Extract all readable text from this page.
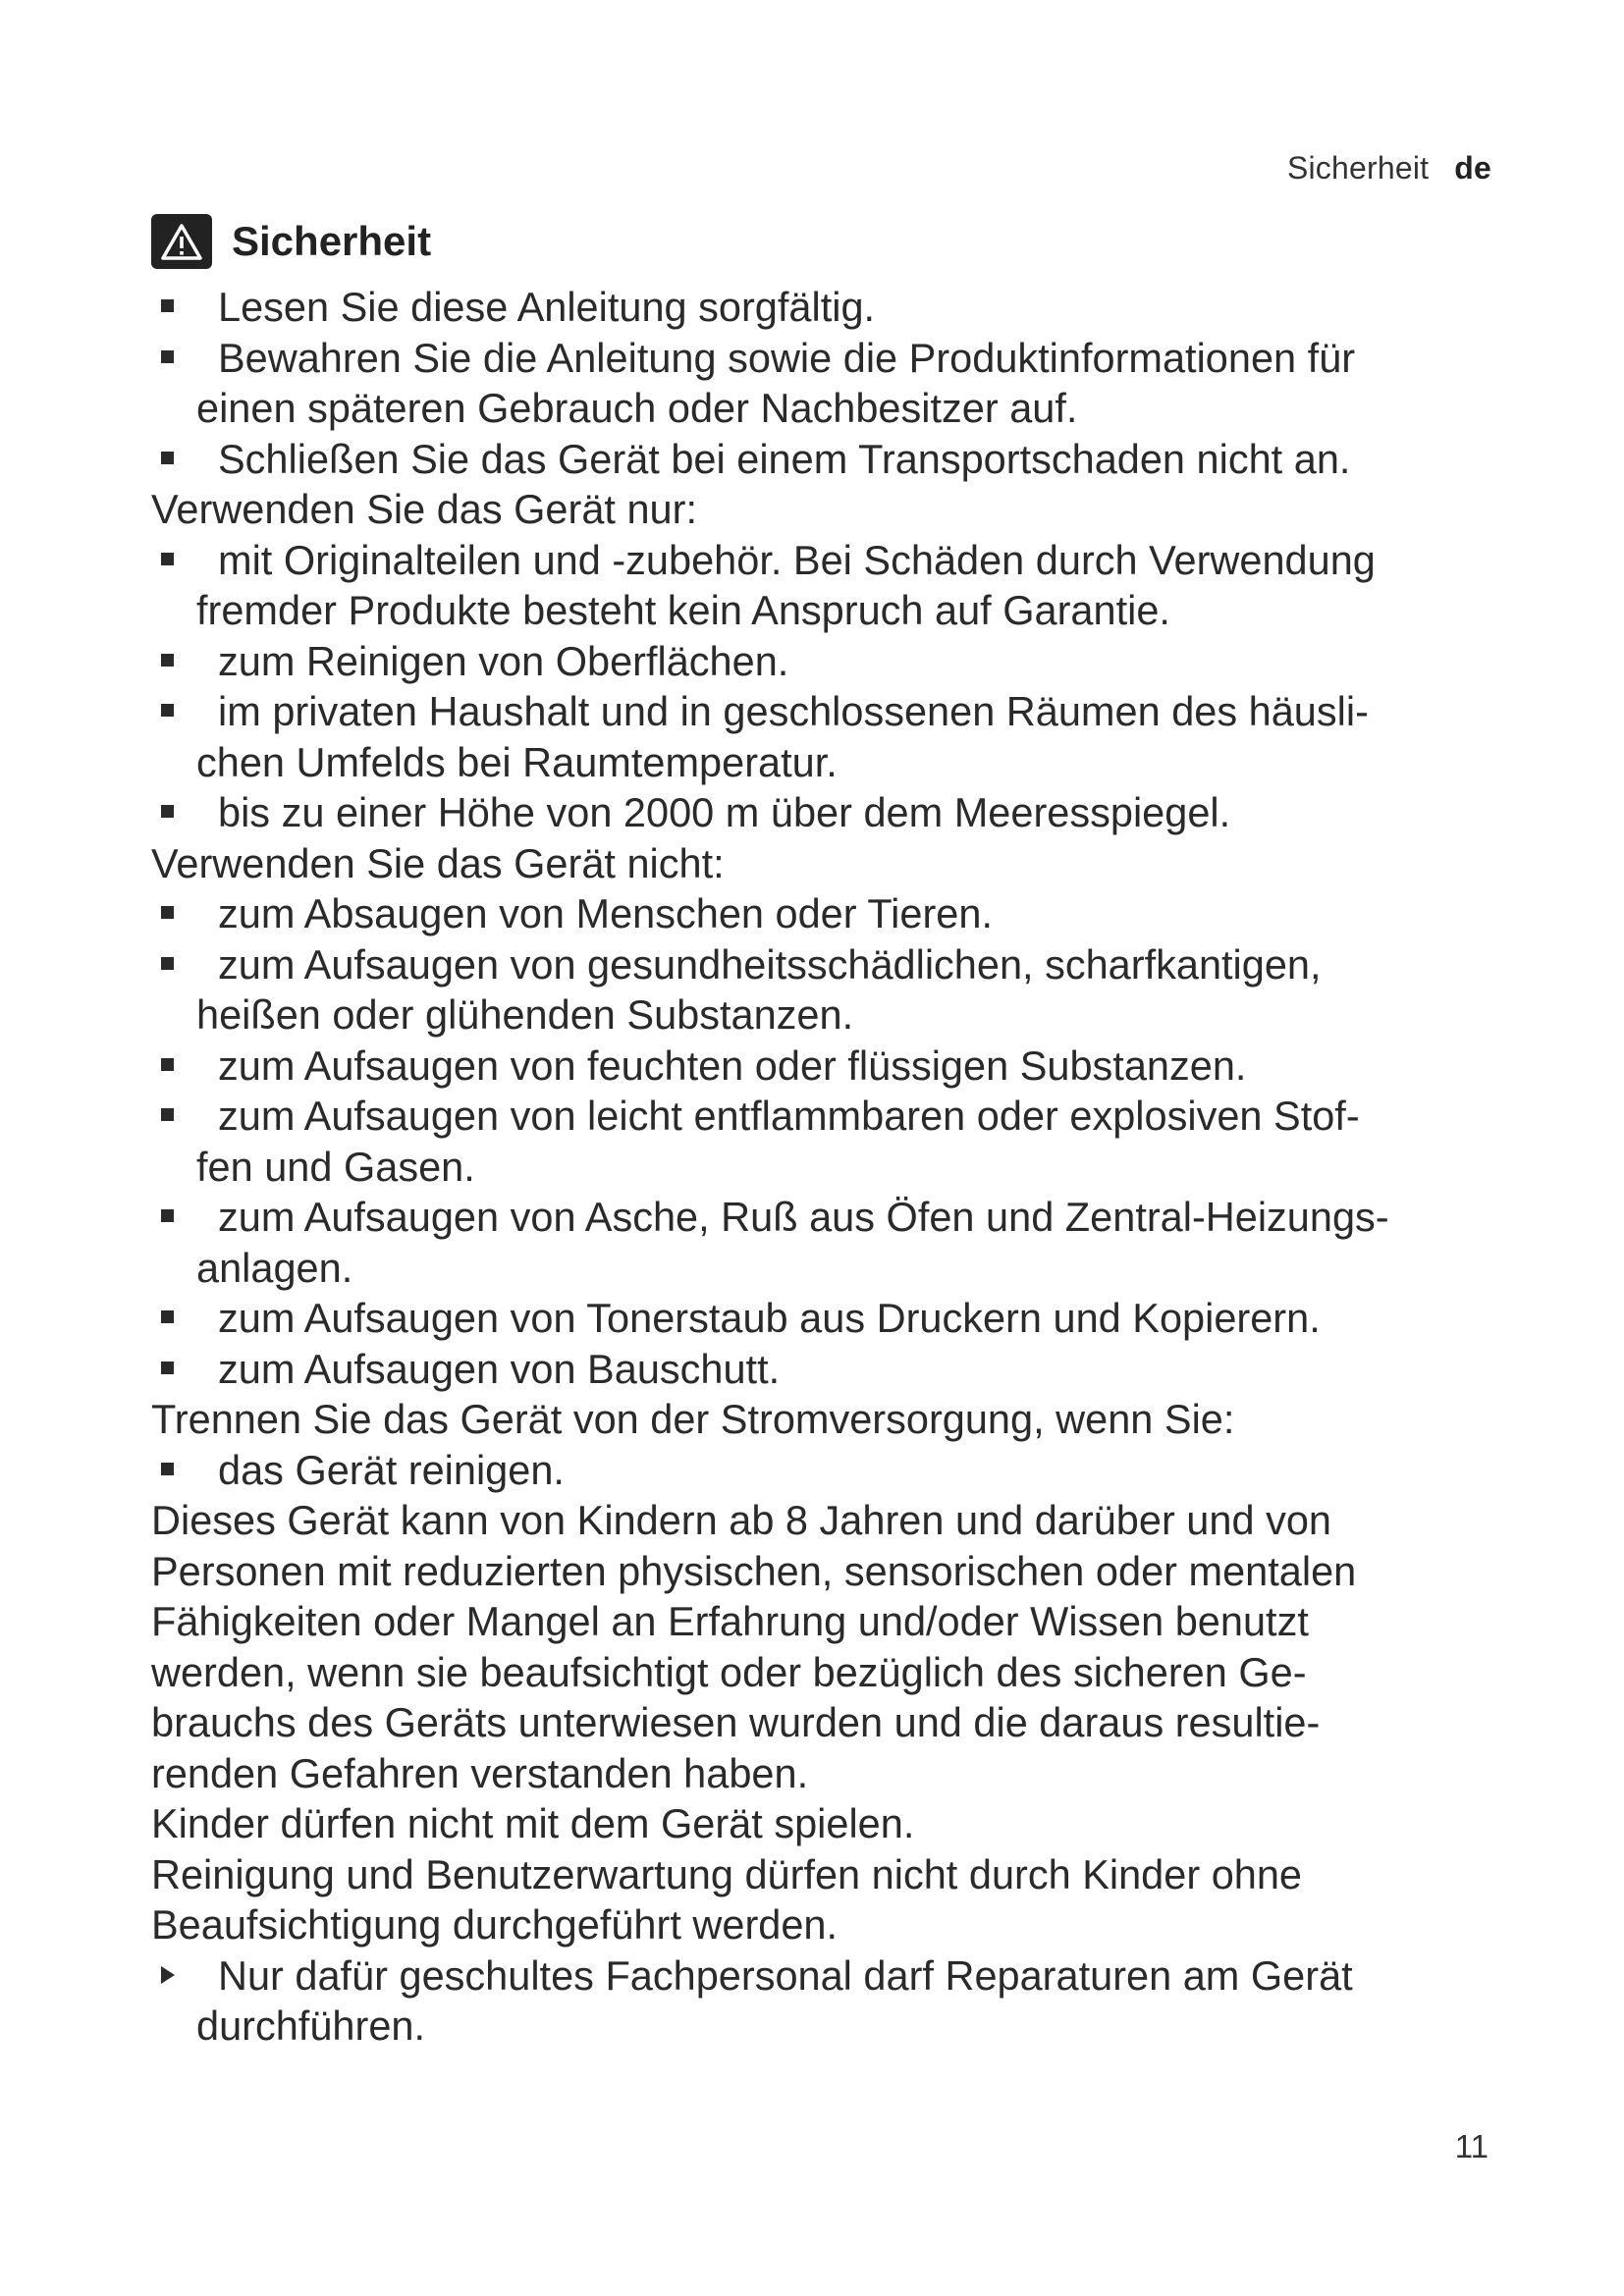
Sicherheit de
Sicherheit
Lesen Sie diese Anleitung sorgfältig.
Bewahren Sie die Anleitung sowie die Produktinformationen für
einen späteren Gebrauch oder Nachbesitzer auf.
Schließen Sie das Gerät bei einem Transportschaden nicht an.
Verwenden Sie das Gerät nur:
mit Originalteilen und -zubehör. Bei Schäden durch Verwendung
fremder Produkte besteht kein Anspruch auf Garantie.
zum Reinigen von Oberflächen.
im privaten Haushalt und in geschlossenen Räumen des häusli-
chen Umfelds bei Raumtemperatur.
bis zu einer Höhe von 2000 m über dem Meeresspiegel.
Verwenden Sie das Gerät nicht:
zum Absaugen von Menschen oder Tieren.
zum Aufsaugen von gesundheitsschädlichen, scharfkantigen,
heißen oder glühenden Substanzen.
zum Aufsaugen von feuchten oder flüssigen Substanzen.
zum Aufsaugen von leicht entflammbaren oder explosiven Stof-
fen und Gasen.
zum Aufsaugen von Asche, Ruß aus Öfen und Zentral-Heizungs-
anlagen.
zum Aufsaugen von Tonerstaub aus Druckern und Kopierern.
zum Aufsaugen von Bauschutt.
Trennen Sie das Gerät von der Stromversorgung, wenn Sie:
das Gerät reinigen.
Dieses Gerät kann von Kindern ab 8 Jahren und darüber und von
Personen mit reduzierten physischen, sensorischen oder mentalen
Fähigkeiten oder Mangel an Erfahrung und/oder Wissen benutzt
werden, wenn sie beaufsichtigt oder bezüglich des sicheren Ge-
brauchs des Geräts unterwiesen wurden und die daraus resultie-
renden Gefahren verstanden haben.
Kinder dürfen nicht mit dem Gerät spielen.
Reinigung und Benutzerwartung dürfen nicht durch Kinder ohne
Beaufsichtigung durchgeführt werden.
Nur dafür geschultes Fachpersonal darf Reparaturen am Gerät
durchführen.
11
